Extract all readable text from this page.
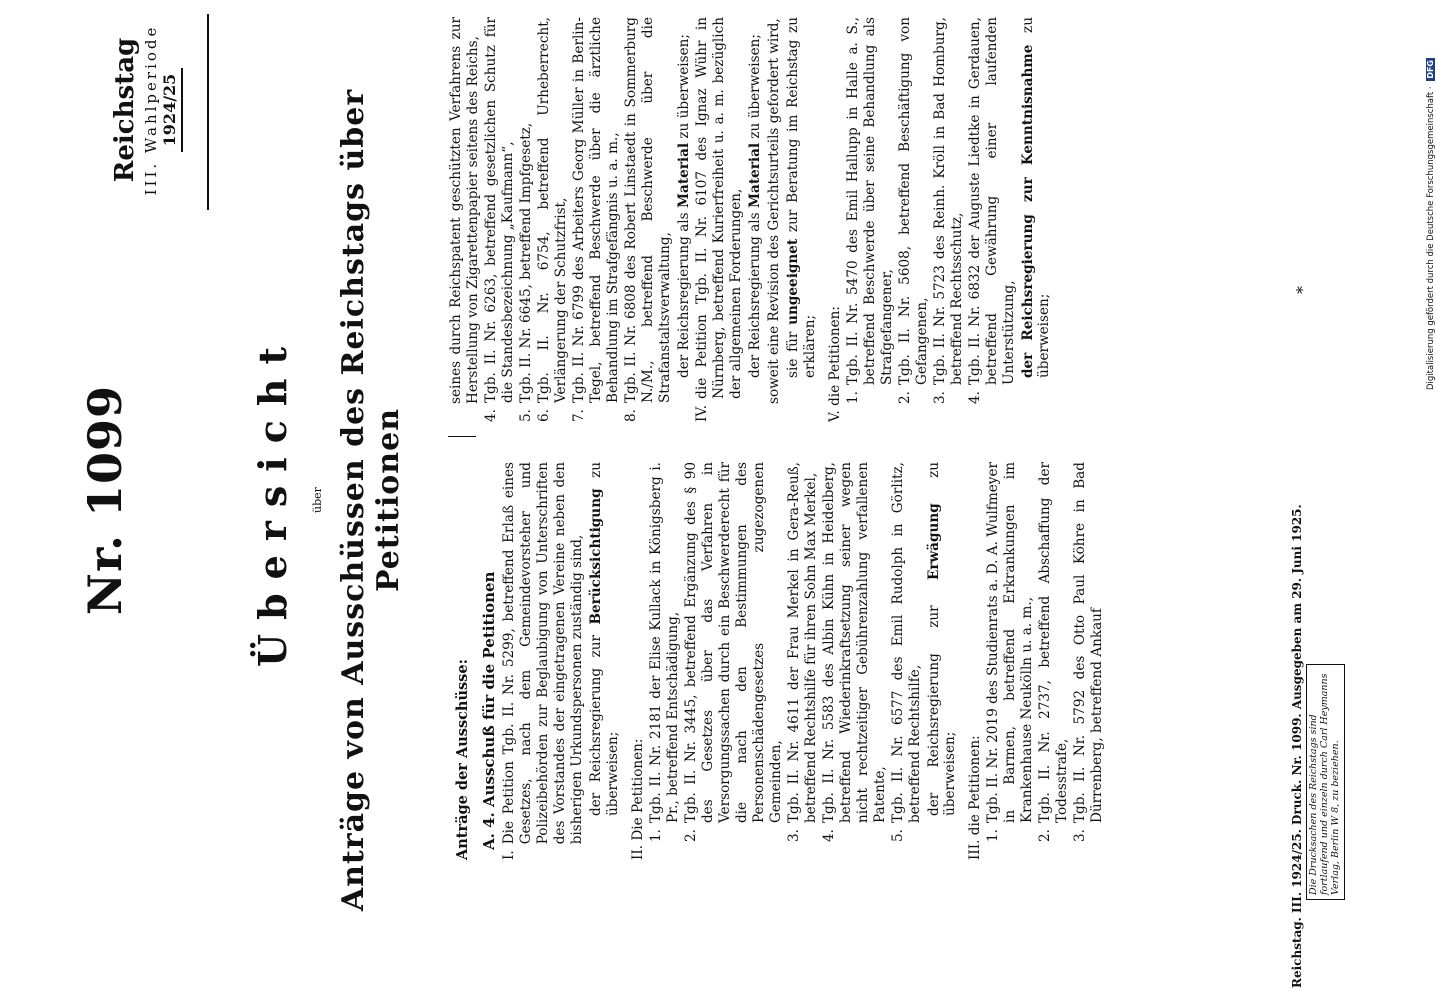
Nr. 1099
Reichstag III. Wahlperiode 1924/25
Übersicht über Anträge von Ausschüssen des Reichstags über Petitionen

Anträge der Ausschüsse: A. 4. Ausschuß für die Petitionen

I.
Die Petition Tgb. II. Nr. 5299, betreffend Erlaß eines Gesetzes, nach dem Gemeindevorsteher und Polizeibehörden zur Beglaubigung von Unterschriften des Vorstandes der eingetragenen Vereine neben den bisherigen Urkundspersonen zuständig sind, der Reichsregierung zur Berücksichtigung zu überweisen; II. Die Petitionen: 1.
Tgb. II. Nr. 2181 der Elise Kullack in Königsberg i. Pr., betreffend Entschädigung,
2.
Tgb. II. Nr. 3445, betreffend Ergänzung des § 90 des Gesetzes über das Verfahren in Versorgungssachen durch ein Beschwerderecht für die nach den Bestimmungen des Personenschädengesetzes zugezogenen Gemeinden,
3.
Tgb. II. Nr. 4611 der Frau Merkel in Gera-Reuß, betreffend Rechtshilfe für ihren Sohn Max Merkel,
4.
Tgb. II. Nr. 5583 des Albin Kühn in Heidelberg, betreffend Wiederinkraftsetzung seiner wegen nicht rechtzeitiger Gebührenzahlung verfallenen Patente,
5.
Tgb. II. Nr. 6577 des Emil Rudolph in Görlitz, betreffend Rechtshilfe, der Reichsregierung zur Erwägung zu überweisen; III. die Petitionen: 1.
Tgb. II. Nr. 2019 des Studienrats a. D. A. Wulfmeyer in Barmen, betreffend Erkrankungen im Krankenhause Neukölln u. a. m.,
2.
Tgb. II. Nr. 2737, betreffend Abschaffung der Todesstrafe,
3.
Tgb. II. Nr. 5792 des Otto Paul Köhre in Bad Dürrenberg, betreffend Ankauf

seines durch Reichspatent geschützten Verfahrens zur Herstellung von Zigarettenpapier seitens des Reichs,

4.
Tgb. II. Nr. 6263, betreffend gesetzlichen Schutz für die Standesbezeichnung „Kaufmann“,
5.
Tgb. II. Nr. 6645, betreffend Impfgesetz,
6.
Tgb. II. Nr. 6754, betreffend Urheberrecht, Verlängerung der Schutzfrist,
7.
Tgb. II. Nr. 6799 des Arbeiters Georg Müller in Berlin-Tegel, betreffend Beschwerde über die ärztliche Behandlung im Strafgefängnis u. a. m.,
8.
Tgb. II. Nr. 6808 des Robert Linstaedt in Sommerburg N./M., betreffend Beschwerde über die Strafanstaltsverwaltung, der Reichsregierung als Material zu überweisen;

IV.
die Petition Tgb. II. Nr. 6107 des Ignaz Wühr in Nürnberg, betreffend Kurierfreiheit u. a. m. bezüglich der allgemeinen Forderungen, der Reichsregierung als Material zu überweisen; soweit eine Revision des Gerichtsurteils gefordert wird, sie für ungeeignet zur Beratung im Reichstag zu erklären; V. die Petitionen: 1.
Tgb. II. Nr. 5470 des Emil Hallupp in Halle a. S., betreffend Beschwerde über seine Behandlung als Strafgefangener,
2.
Tgb. II. Nr. 5608, betreffend Beschäftigung von Gefangenen,
3.
Tgb. II. Nr. 5723 des Reinh. Kröll in Bad Homburg, betreffend Rechtsschutz,
4.
Tgb. II. Nr. 6832 der Auguste Liedtke in Gerdauen, betreffend Gewährung einer laufenden Unterstützung, der Reichsregierung zur Kenntnisnahme zu überweisen;

Reichstag. III. 1924/25. Druck. Nr. 1099. Ausgegeben am 29. Juni 1925.
*
Die Drucksachen des Reichstags sind fortlaufend und einzeln durch Carl Heymanns Verlag, Berlin W 8, zu beziehen.
Digitalisierung gefördert durch die Deutsche Forschungsgemeinschaft · DFG
